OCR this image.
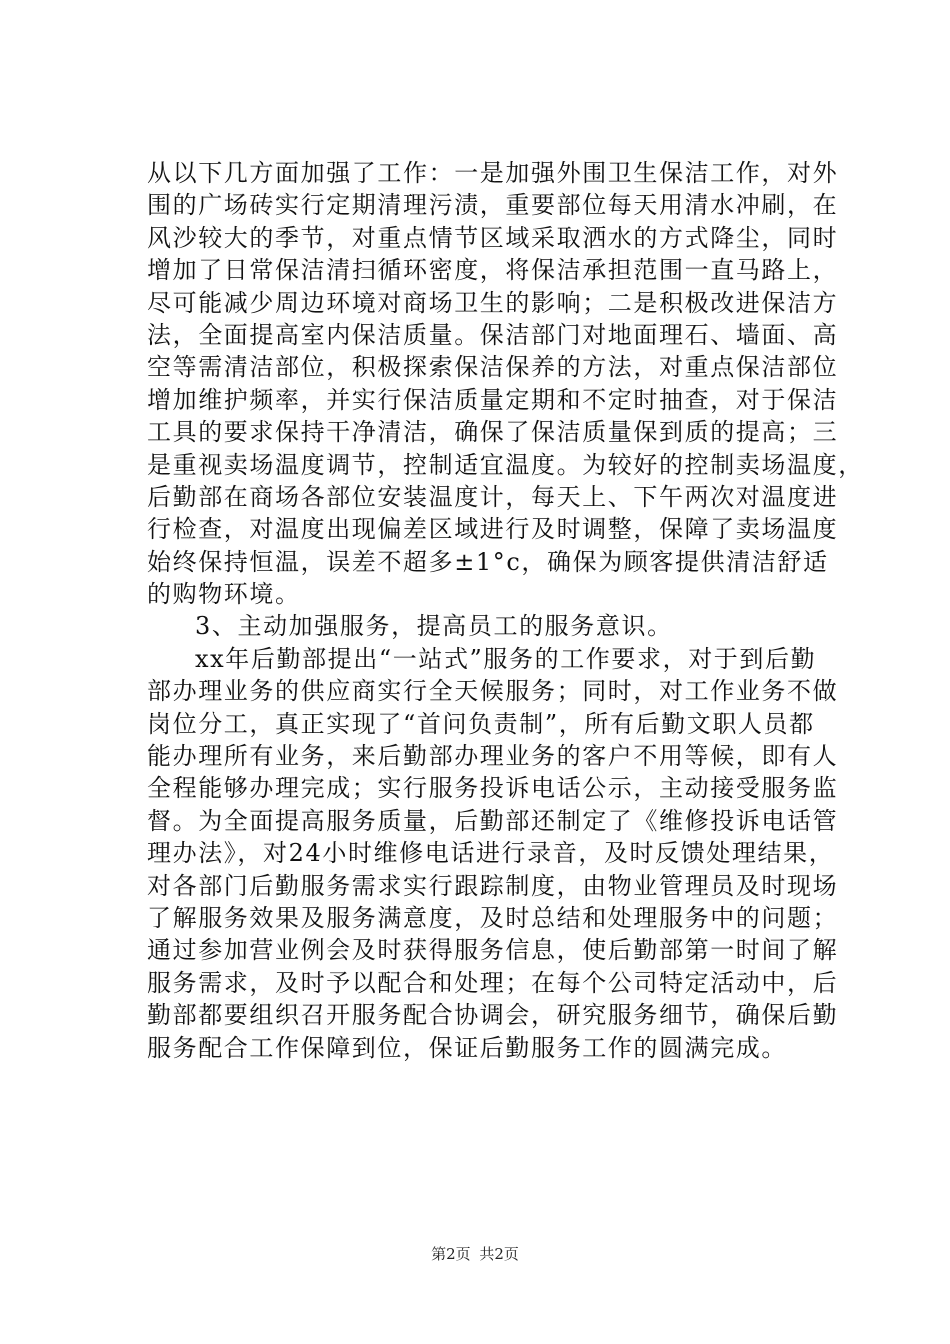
从以下几方面加强了工作：一是加强外围卫生保洁工作，对外
围的广场砖实行定期清理污渍，重要部位每天用清水冲刷，在
风沙较大的季节，对重点情节区域采取洒水的方式降尘，同时
增加了日常保洁清扫循环密度，将保洁承担范围一直马路上，
尽可能减少周边环境对商场卫生的影响；二是积极改进保洁方
法，全面提高室内保洁质量。保洁部门对地面理石、墙面、高
空等需清洁部位，积极探索保洁保养的方法，对重点保洁部位
增加维护频率，并实行保洁质量定期和不定时抽查，对于保洁
工具的要求保持干净清洁，确保了保洁质量保到质的提高；三
是重视卖场温度调节，控制适宜温度。为较好的控制卖场温度，
后勤部在商场各部位安装温度计，每天上、下午两次对温度进
行检查，对温度出现偏差区域进行及时调整，保障了卖场温度
始终保持恒温，误差不超多±1°c，确保为顾客提供清洁舒适
的购物环境。
3、主动加强服务，提高员工的服务意识。
xx年后勤部提出“一站式”服务的工作要求，对于到后勤
部办理业务的供应商实行全天候服务；同时，对工作业务不做
岗位分工，真正实现了“首问负责制”，所有后勤文职人员都
能办理所有业务，来后勤部办理业务的客户不用等候，即有人
全程能够办理完成；实行服务投诉电话公示，主动接受服务监
督。为全面提高服务质量，后勤部还制定了《维修投诉电话管
理办法》，对24小时维修电话进行录音，及时反馈处理结果，
对各部门后勤服务需求实行跟踪制度，由物业管理员及时现场
了解服务效果及服务满意度，及时总结和处理服务中的问题；
通过参加营业例会及时获得服务信息，使后勤部第一时间了解
服务需求，及时予以配合和处理；在每个公司特定活动中，后
勤部都要组织召开服务配合协调会，研究服务细节，确保后勤
服务配合工作保障到位，保证后勤服务工作的圆满完成。
第2页 共2页
